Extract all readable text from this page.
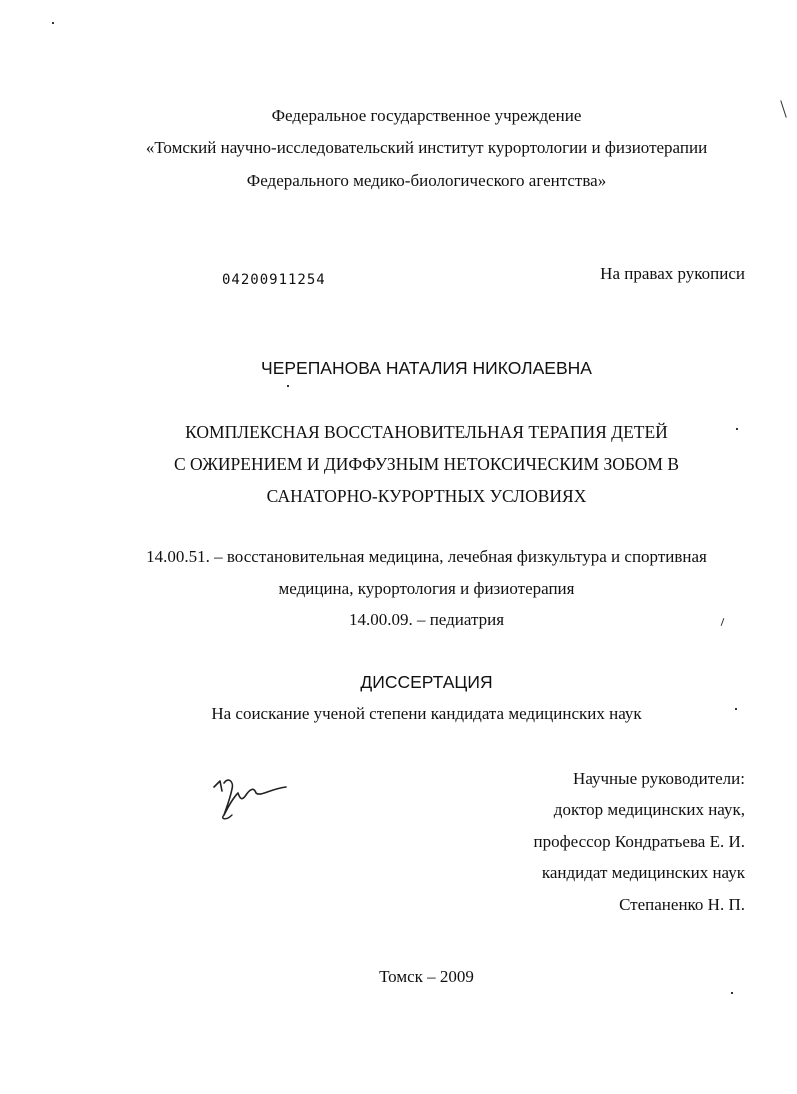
Федеральное государственное учреждение
«Томский научно-исследовательский институт курортологии и физиотерапии
Федерального медико-биологического агентства»
04200911254	На правах рукописи
ЧЕРЕПАНОВА НАТАЛИЯ НИКОЛАЕВНА
КОМПЛЕКСНАЯ ВОССТАНОВИТЕЛЬНАЯ ТЕРАПИЯ ДЕТЕЙ
С ОЖИРЕНИЕМ И ДИФФУЗНЫМ НЕТОКСИЧЕСКИМ ЗОБОМ В
САНАТОРНО-КУРОРТНЫХ УСЛОВИЯХ
14.00.51. – восстановительная медицина, лечебная физкультура и спортивная
медицина, курортология и физиотерапия
14.00.09. – педиатрия
ДИССЕРТАЦИЯ
На соискание ученой степени кандидата медицинских наук
Научные руководители:
доктор медицинских наук,
профессор Кондратьева Е. И.
кандидат медицинских наук
Степаненко Н. П.
Томск – 2009
